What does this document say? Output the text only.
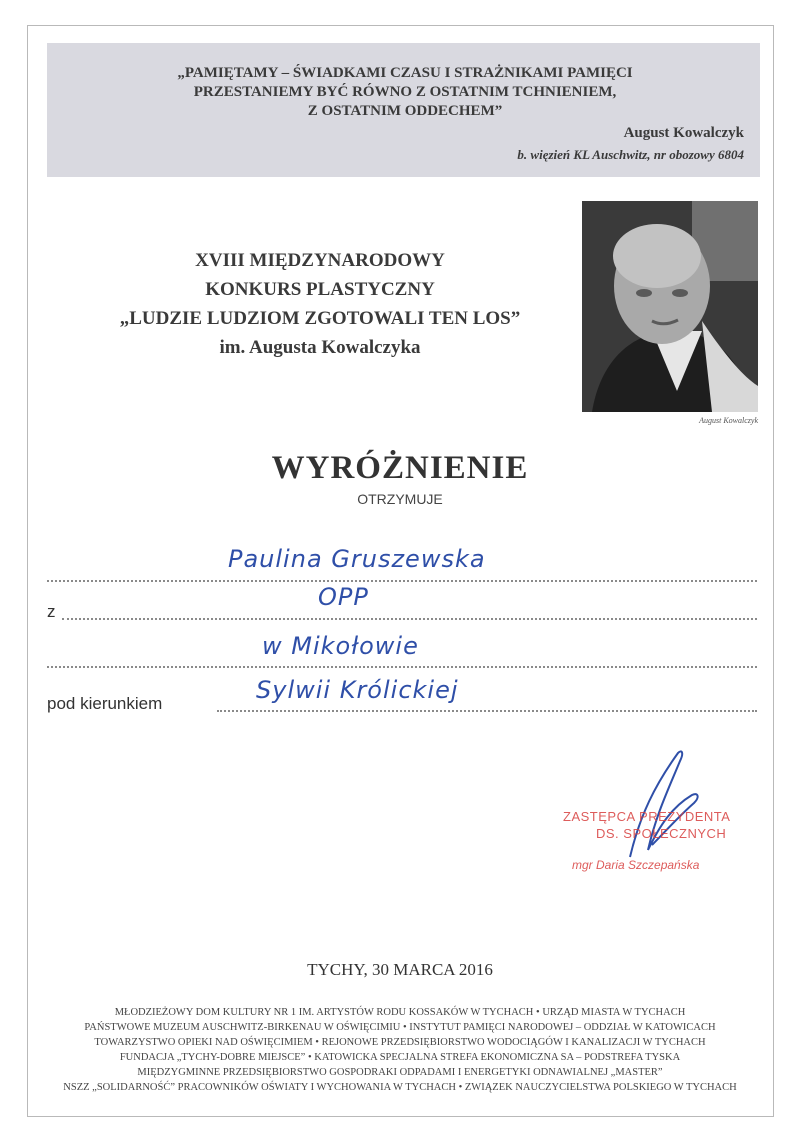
„PAMIĘTAMY – ŚWIADKAMI CZASU I STRAŻNIKAMI PAMIĘCI
PRZESTANIEMY BYĆ RÓWNO Z OSTATNIM TCHNIENIEM,
Z OSTATNIM ODDECHEM”
August Kowalczyk
b. więzień KL Auschwitz, nr obozowy 6804
XVIII MIĘDZYNARODOWY
KONKURS PLASTYCZNY
„LUDZIE LUDZIOM ZGOTOWALI TEN LOS”
im. Augusta Kowalczyka
August Kowalczyk
WYRÓŻNIENIE
OTRZYMUJE
Paulina Gruszewska
z
OPP
w Mikołowie
pod kierunkiem	Sylwii Królickiej
ZASTĘPCA PREZYDENTA
DS. SPOŁECZNYCH
mgr Daria Szczepańska
TYCHY, 30 MARCA 2016
MŁODZIEŻOWY DOM KULTURY NR 1 IM. ARTYSTÓW RODU KOSSAKÓW W TYCHACH • URZĄD MIASTA W TYCHACH
PAŃSTWOWE MUZEUM AUSCHWITZ-BIRKENAU W OŚWIĘCIMIU • INSTYTUT PAMIĘCI NARODOWEJ – ODDZIAŁ W KATOWICACH
TOWARZYSTWO OPIEKI NAD OŚWIĘCIMIEM • REJONOWE PRZEDSIĘBIORSTWO WODOCIĄGÓW I KANALIZACJI W TYCHACH
FUNDACJA „TYCHY-DOBRE MIEJSCE” • KATOWICKA SPECJALNA STREFA EKONOMICZNA SA – PODSTREFA TYSKA
MIĘDZYGMINNE PRZEDSIĘBIORSTWO GOSPODRAKI ODPADAMI I ENERGETYKI ODNAWIALNEJ „MASTER”
NSZZ „SOLIDARNOŚĆ” PRACOWNIKÓW OŚWIATY I WYCHOWANIA W TYCHACH • ZWIĄZEK NAUCZYCIELSTWA POLSKIEGO W TYCHACH
